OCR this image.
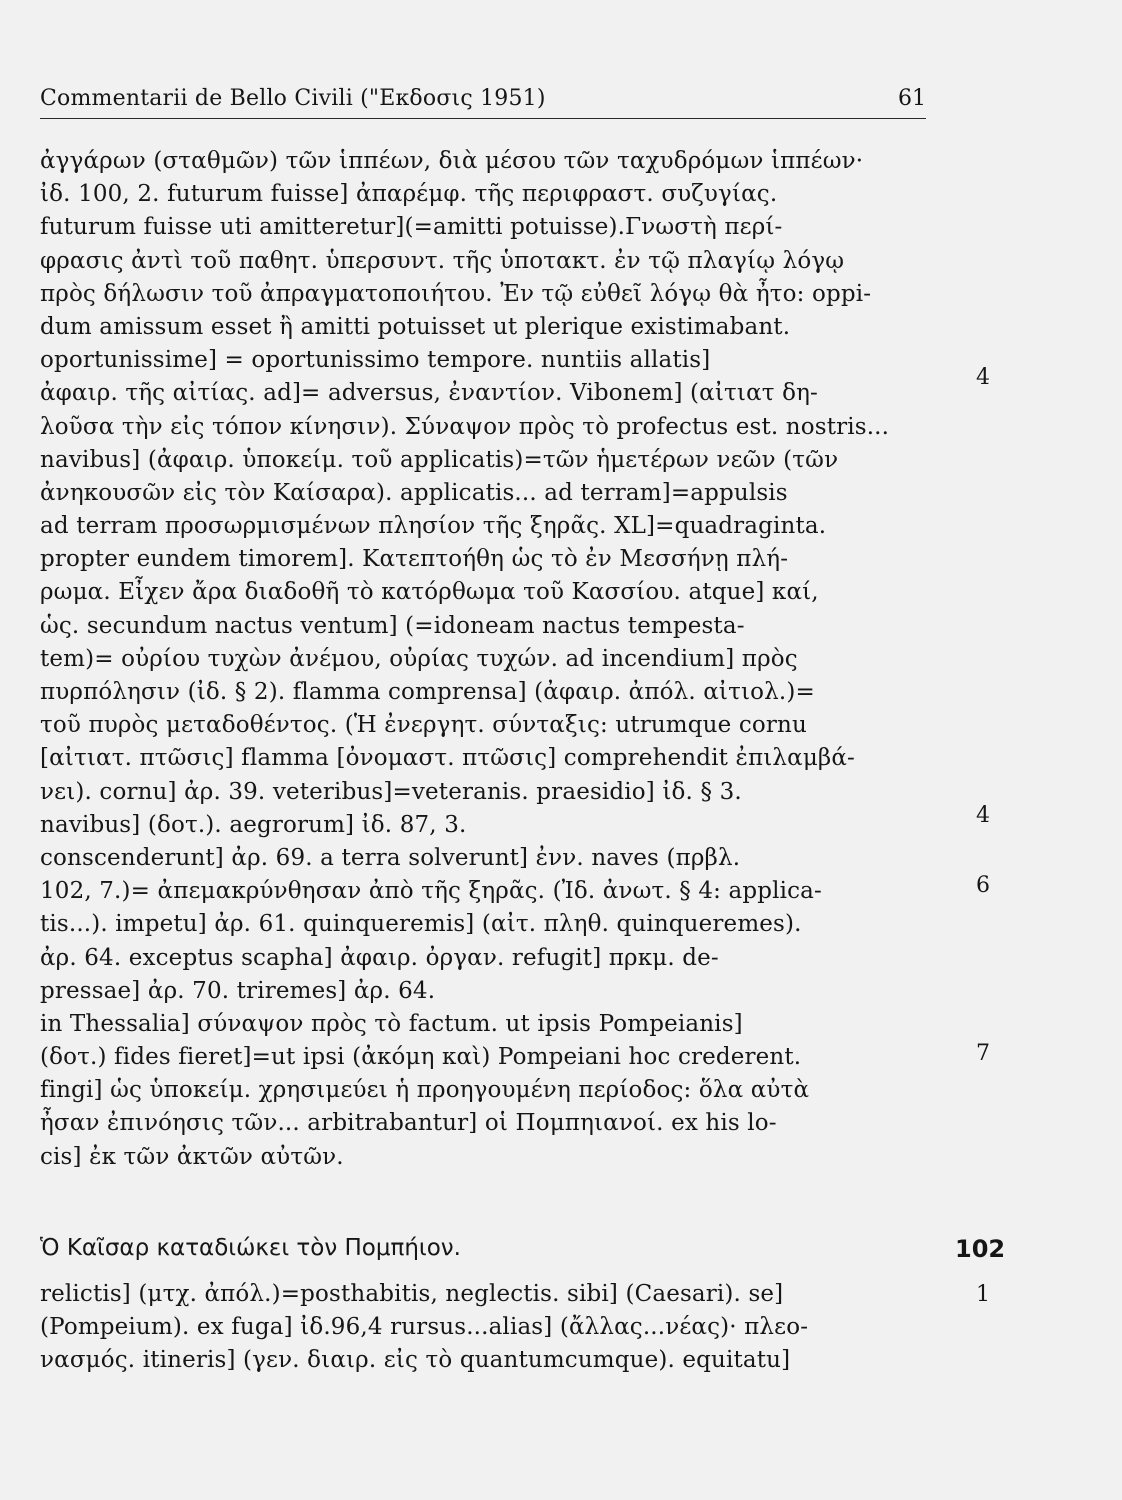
Commentarii de Bello Civili ("Εκδοσις 1951)	61
ἀγγάρων (σταθμῶν) τῶν ἱππέων, διὰ μέσου τῶν ταχυδρόμων ἱππέων·
ἰδ. 100, 2. futurum fuisse] ἀπαρέμφ. τῆς περιφραστ. συζυγίας.
futurum fuisse uti amitteretur](=amitti potuisse).Γνωστὴ περί-
φρασις ἀντὶ τοῦ παθητ. ὑπερσυντ. τῆς ὑποτακτ. ἐν τῷ πλαγίῳ λόγῳ
πρὸς δήλωσιν τοῦ ἀπραγματοποιήτου. Ἐν τῷ εὐθεῖ λόγῳ θὰ ἦτο: oppi-
dum amissum esset ἢ amitti potuisset ut plerique existimabant.
oportunissime] = oportunissimo tempore. nuntiis allatis]
ἀφαιρ. τῆς αἰτίας. ad]= adversus, ἐναντίον. Vibonem] (αἰτιατ δη-
λοῦσα τὴν εἰς τόπον κίνησιν). Σύναψον πρὸς τὸ profectus est. nostris...
navibus] (ἀφαιρ. ὑποκείμ. τοῦ applicatis)=τῶν ἡμετέρων νεῶν (τῶν
ἀνηκουσῶν εἰς τὸν Καίσαρα). applicatis... ad terram]=appulsis
ad terram προσωρμισμένων πλησίον τῆς ξηρᾶς. XL]=quadraginta.
propter eundem timorem]. Κατεπτοήθη ὡς τὸ ἐν Μεσσήνῃ πλή-
ρωμα. Εἶχεν ἄρα διαδοθῆ τὸ κατόρθωμα τοῦ Κασσίου. atque] καί,
ὡς. secundum nactus ventum] (=idoneam nactus tempesta-
tem)= οὐρίου τυχὼν ἀνέμου, οὐρίας τυχών. ad incendium] πρὸς
πυρπόλησιν (ἰδ. § 2). flamma comprensa] (ἀφαιρ. ἀπόλ. αἰτιολ.)=
τοῦ πυρὸς μεταδοθέντος. (Ἡ ἐνεργητ. σύνταξις: utrumque cornu
[αἰτιατ. πτῶσις] flamma [ὀνομαστ. πτῶσις] comprehendit ἐπιλαμβά-
νει). cornu] ἀρ. 39. veteribus]=veteranis. praesidio] ἰδ. § 3.
navibus] (δοτ.). aegrorum] ἰδ. 87, 3.
conscenderunt] ἀρ. 69. a terra solverunt] ἐνν. naves (πρβλ.
102, 7.)= ἀπεμακρύνθησαν ἀπὸ τῆς ξηρᾶς. (Ἰδ. ἀνωτ. § 4: applica-
tis...). impetu] ἀρ. 61. quinqueremis] (αἰτ. πληθ. quinqueremes).
ἀρ. 64. exceptus scapha] ἀφαιρ. ὀργαν. refugit] πρκμ. de-
pressae] ἀρ. 70. triremes] ἀρ. 64.
in Thessalia] σύναψον πρὸς τὸ factum. ut ipsis Pompeianis]
(δοτ.) fides fieret]=ut ipsi (ἀκόμη καὶ) Pompeiani hoc crederent.
fingi] ὡς ὑποκείμ. χρησιμεύει ἡ προηγουμένη περίοδος: ὅλα αὐτὰ
ἦσαν ἐπινόησις τῶν... arbitrabantur] οἱ Πομπηιανοί. ex his lo-
cis] ἐκ τῶν ἀκτῶν αὐτῶν.
4
4
6
7
Ὁ Καῖσαρ καταδιώκει τὸν Πομπήιον.	102
relictis] (μτχ. ἀπόλ.)=posthabitis, neglectis. sibi] (Caesari). se]
(Pompeium). ex fuga] ἰδ.96,4 rursus...alias] (ἄλλας...νέας)· πλεο-
νασμός. itineris] (γεν. διαιρ. εἰς τὸ quantumcumque). equitatu]
1
